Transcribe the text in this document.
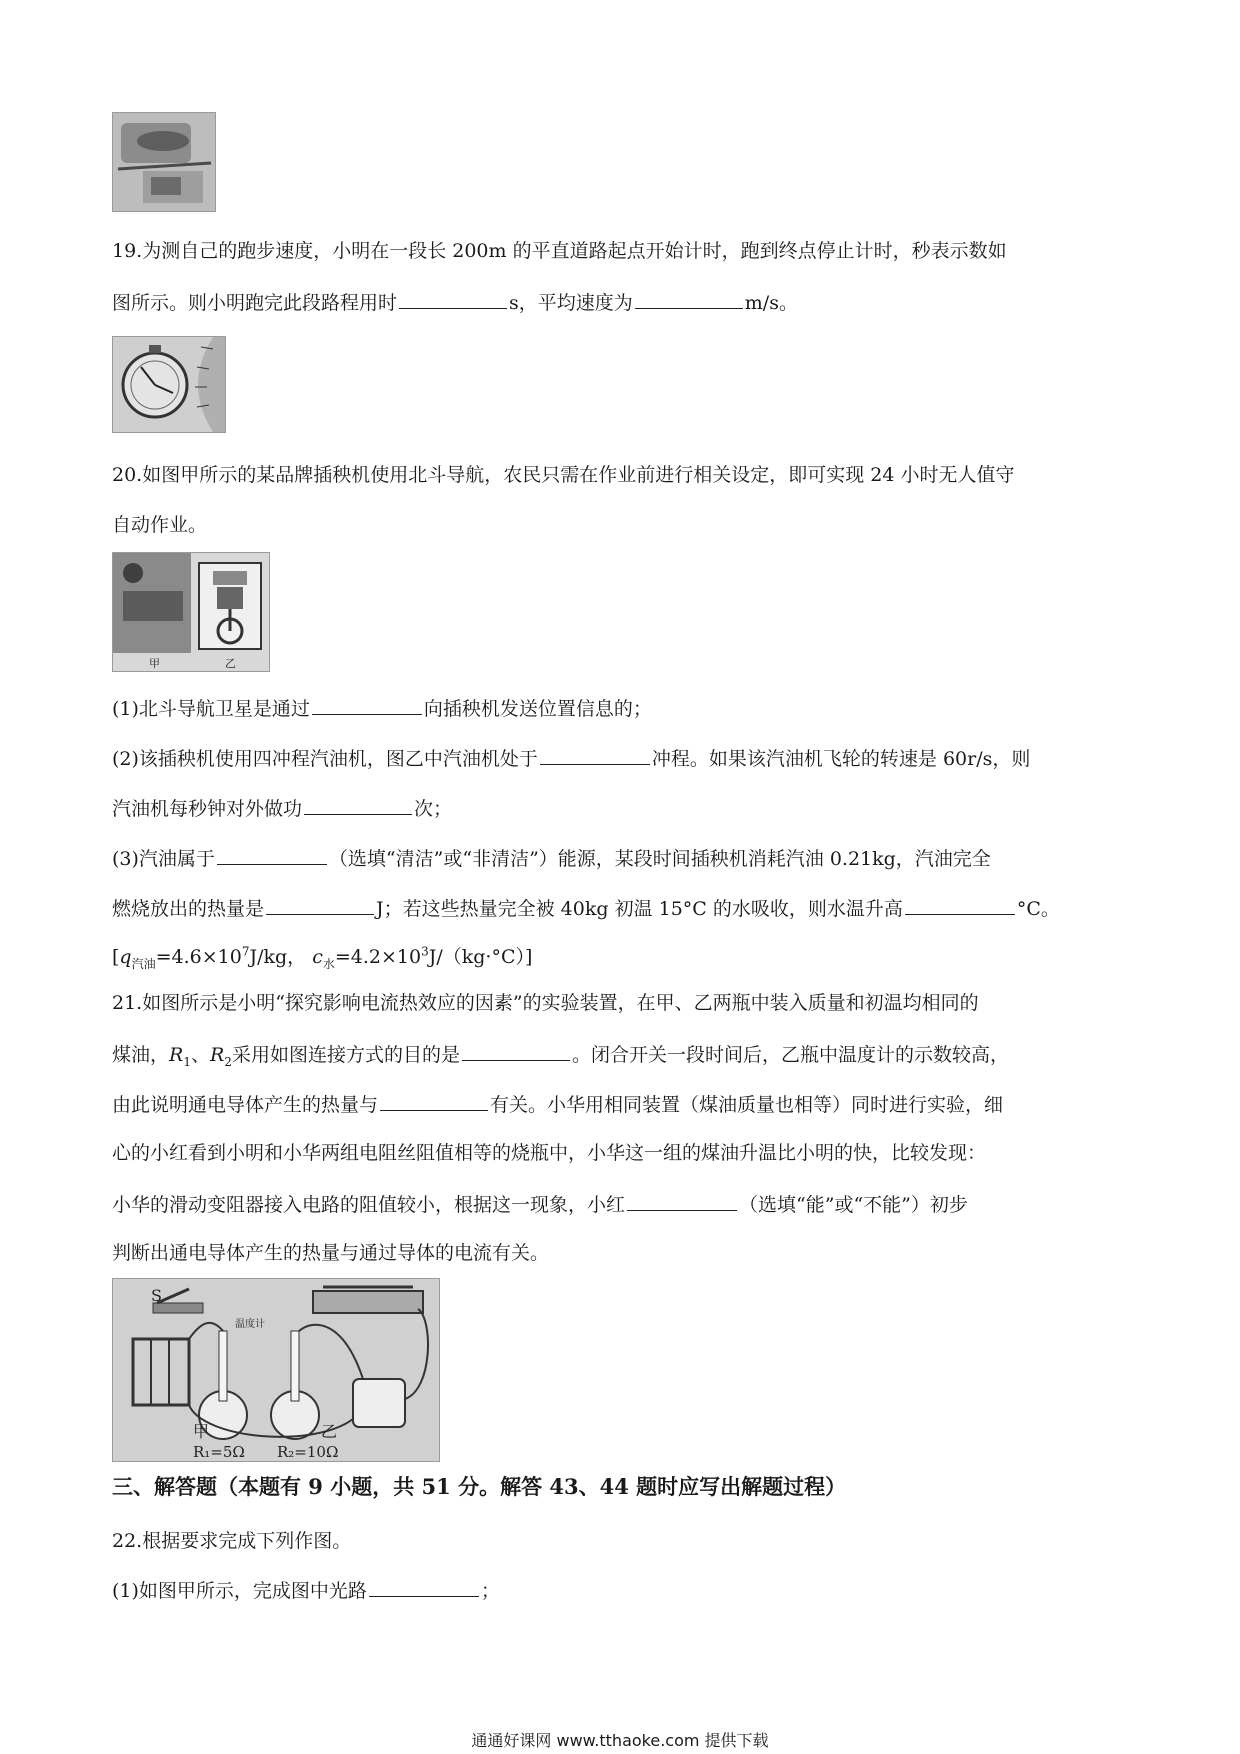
19.为测自己的跑步速度，小明在一段长 200m 的平直道路起点开始计时，跑到终点停止计时，秒表示数如
图所示。则小明跑完此段路程用时	s，平均速度为	m/s。
20.如图甲所示的某品牌插秧机使用北斗导航，农民只需在作业前进行相关设定，即可实现 24 小时无人值守
自动作业。
甲	乙
(1)北斗导航卫星是通过	向插秧机发送位置信息的；
(2)该插秧机使用四冲程汽油机，图乙中汽油机处于	冲程。如果该汽油机飞轮的转速是 60r/s，则
汽油机每秒钟对外做功	次；
(3)汽油属于	（选填“清洁”或“非清洁”）能源，某段时间插秧机消耗汽油 0.21kg，汽油完全
燃烧放出的热量是	J；若这些热量完全被 40kg 初温 15°C 的水吸收，则水温升高	°C。
[$q_{汽油}=4.6\times 10^7J/kg$， $c_水=4.2\times 10^3J/(kg\cdot^\circ C)$]
21.如图所示是小明“探究影响电流热效应的因素”的实验装置，在甲、乙两瓶中装入质量和初温均相同的
煤油，$R_1$、$R_2$采用如图连接方式的目的是	。闭合开关一段时间后，乙瓶中温度计的示数较高，
由此说明通电导体产生的热量与	有关。小华用相同装置（煤油质量也相等）同时进行实验，细
心的小红看到小明和小华两组电阻丝阻值相等的烧瓶中，小华这一组的煤油升温比小明的快，比较发现：
小华的滑动变阻器接入电路的阻值较小，根据这一现象，小红	（选填“能”或“不能”）初步
判断出通电导体产生的热量与通过导体的电流有关。
S
温度计
甲	乙
R₁=5Ω R₂=10Ω
三、解答题（本题有 9 小题，共 51 分。解答 43、44 题时应写出解题过程）
22.根据要求完成下列作图。
(1)如图甲所示，完成图中光路	；
通通好课网 www.tthaoke.com 提供下载
